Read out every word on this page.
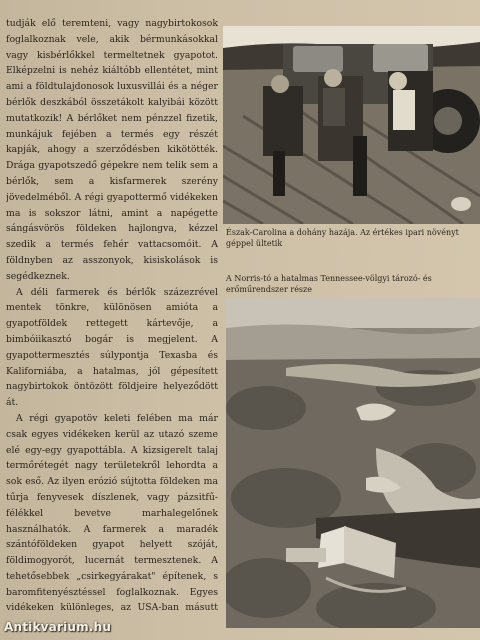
tudják elő teremteni, vagy nagybirtokosok foglalkoznak vele, akik bérmunkásokkal vagy kisbérlőkkel termeltetnek gyapotot. Elképzelni is nehéz kiáltóbb ellentétet, mint ami a földtulajdonosok luxusvillái és a néger bérlők deszkából összetákolt kalyibái között mutatkozik! A bérlőket nem pénzzel fizetik, munkájuk fejében a termés egy részét kapják, ahogy a szerződésben kikötötték. Drága gyapotszedő gépekre nem telik sem a bérlők, sem a kisfarmerek szerény jövedelméből. A régi gyapottermő vidékeken ma is sokszor látni, amint a napégette sángásvörös földeken hajlongva, kézzel szedik a termés fehér vattacsomóit. A földnyben az asszonyok, kisiskolások is segédkeznek.

A déli farmerek és bérlők százezrével mentek tönkre, különösen amióta a gyapotföldek rettegett kártevője, a bimbóiikasztó bogár is megjelent. A gyapottermesztés súlypontja Texasba és Kaliforniába, a hatalmas, jól gépesített nagybirtokok öntözött földjeire helyeződött át.

A régi gyapotöv keleti felében ma már csak egyes vidékeken kerül az utazó szeme elé egy-egy gyapottábla. A kizsigerelt talaj termőrétegét nagy területekről lehordta a sok eső. Az ilyen erózió sújtotta földeken ma tűrja fenyvesek díszlenek, vagy pázsitfű-félékkel bevetve marhalegelőnek használhatók. A farmerek a maradék szántóföldeken gyapot helyett szóját, földimogyorót, lucernát termesztenek. A tehetősebbek „csirkegyárakat" építenek, s baromfitenyésztéssel foglalkoznak. Egyes vidékeken különleges, az USA-ban másutt

Észak-Carolina a dohány hazája. Az értékes ipari növényt géppel ültetik
A Norris-tó a hatalmas Tennessee-völgyi tározó- és erőműrendszer része
Antikvarium.hu
